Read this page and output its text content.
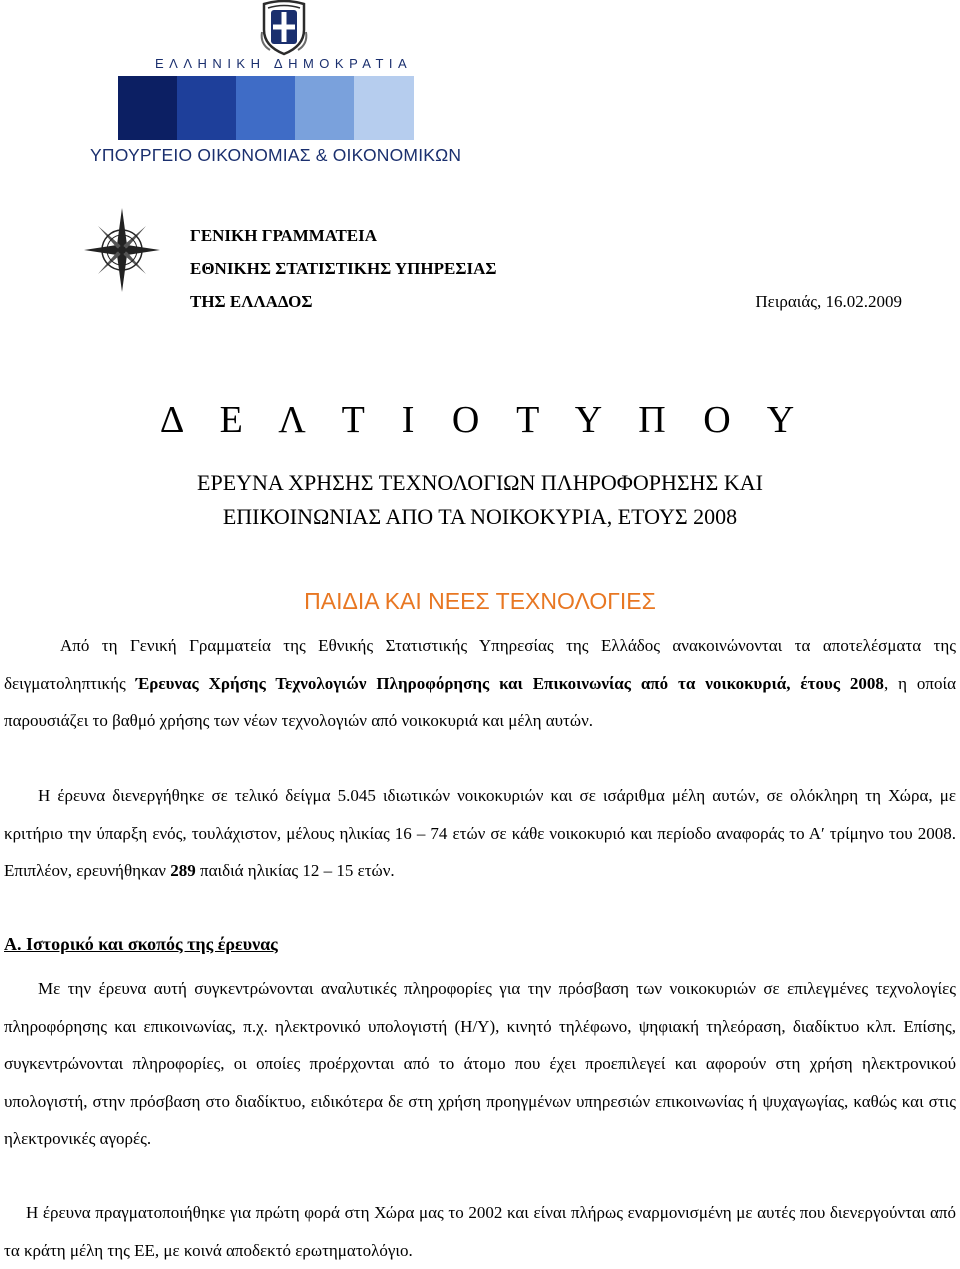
ΕΛΛΗΝΙΚΗ ΔΗΜΟΚΡΑΤΙΑ
ΥΠΟΥΡΓΕΙΟ ΟΙΚΟΝΟΜΙΑΣ & ΟΙΚΟΝΟΜΙΚΩΝ
ΓΕΝΙΚΗ ΓΡΑΜΜΑΤΕΙΑ
ΕΘΝΙΚΗΣ ΣΤΑΤΙΣΤΙΚΗΣ ΥΠΗΡΕΣΙΑΣ
ΤΗΣ ΕΛΛΑΔΟΣ	Πειραιάς, 16.02.2009
Δ Ε Λ Τ Ι Ο Τ Υ Π Ο Υ
ΕΡΕΥΝΑ ΧΡΗΣΗΣ ΤΕΧΝΟΛΟΓΙΩΝ ΠΛΗΡΟΦΟΡΗΣΗΣ ΚΑΙ
ΕΠΙΚΟΙΝΩΝΙΑΣ ΑΠΟ ΤΑ ΝΟΙΚΟΚΥΡΙΑ, ΕΤΟΥΣ 2008
ΠΑΙΔΙΑ ΚΑΙ ΝΕΕΣ ΤΕΧΝΟΛΟΓΙΕΣ

Από τη Γενική Γραμματεία της Εθνικής Στατιστικής Υπηρεσίας της Ελλάδος ανακοινώνονται τα αποτελέσματα της δειγματοληπτικής Έρευνας Χρήσης Τεχνολογιών Πληροφόρησης και Επικοινωνίας από τα νοικοκυριά, έτους 2008, η οποία παρουσιάζει το βαθμό χρήσης των νέων τεχνολογιών από νοικοκυριά και μέλη αυτών.

Η έρευνα διενεργήθηκε σε τελικό δείγμα 5.045 ιδιωτικών νοικοκυριών και σε ισάριθμα μέλη αυτών, σε ολόκληρη τη Χώρα, με κριτήριο την ύπαρξη ενός, τουλάχιστον, μέλους ηλικίας 16 – 74 ετών σε κάθε νοικοκυριό και περίοδο αναφοράς το Α′ τρίμηνο του 2008. Επιπλέον, ερευνήθηκαν 289 παιδιά ηλικίας 12 – 15 ετών.

Α. Ιστορικό και σκοπός της έρευνας

Με την έρευνα αυτή συγκεντρώνονται αναλυτικές πληροφορίες για την πρόσβαση των νοικοκυριών σε επιλεγμένες τεχνολογίες πληροφόρησης και επικοινωνίας, π.χ. ηλεκτρονικό υπολογιστή (Η/Υ), κινητό τηλέφωνο, ψηφιακή τηλεόραση, διαδίκτυο κλπ. Επίσης, συγκεντρώνονται πληροφορίες, οι οποίες προέρχονται από το άτομο που έχει προεπιλεγεί και αφορούν στη χρήση ηλεκτρονικού υπολογιστή, στην πρόσβαση στο διαδίκτυο, ειδικότερα δε στη χρήση προηγμένων υπηρεσιών επικοινωνίας ή ψυχαγωγίας, καθώς και στις ηλεκτρονικές αγορές.

Η έρευνα πραγματοποιήθηκε για πρώτη φορά στη Χώρα μας το 2002 και είναι πλήρως εναρμονισμένη με αυτές που διενεργούνται από τα κράτη μέλη της ΕΕ, με κοινά αποδεκτό ερωτηματολόγιο.
